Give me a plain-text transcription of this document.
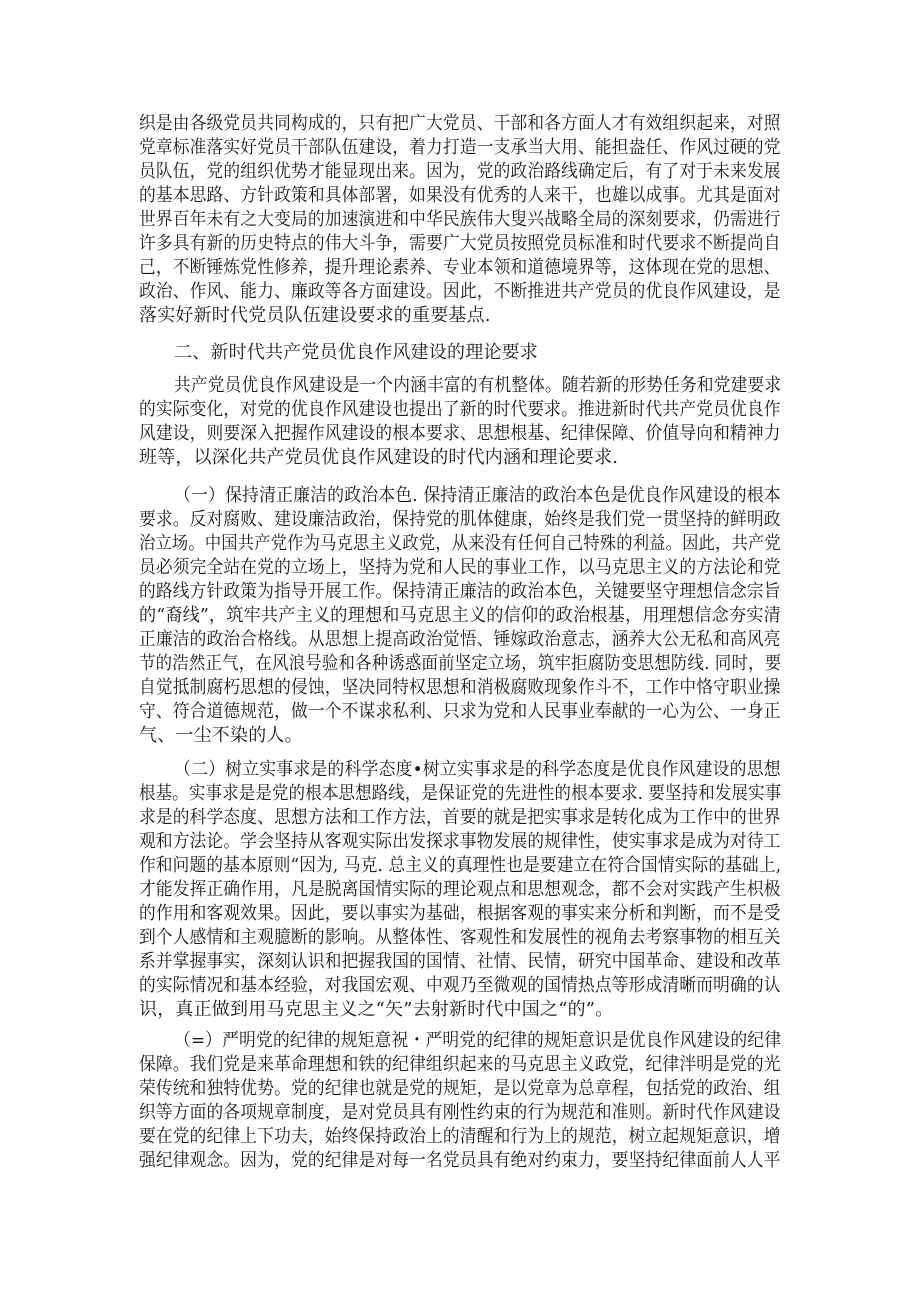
织是由各级党员共同构成的，只有把广大党员、干部和各方面人才有效组织起来，对照
党章标准落实好党员干部队伍建设，着力打造一支承当大用、能担盎任、作风过硬的党
员队伍，党的组织优势才能显现出来。因为，党的政治路线确定后，有了对于未来发展
的基本思路、方针政策和具体部署，如果没有优秀的人来干，也雄以成事。尤其是面对
世界百年未有之大变局的加速演进和中华民族伟大叟兴战略全局的深刻要求，仍需进行
许多具有新的历史特点的伟大斗争，需要广大党员按照党员标准和时代要求不断提尚自
己，不断锤炼党性修养，提升理论素养、专业本领和道德境界等，这体现在党的思想、
政治、作风、能力、廉政等各方面建设。因此，不断推进共产党员的优良作风建设，是
落实好新时代党员队伍建设要求的重要基点.
二、新时代共产党员优良作风建设的理论要求
共产党员优良作风建设是一个内涵丰富的有机整体。随若新的形势任务和党建要求
的实际变化，对党的优良作风建设也提出了新的时代要求。推进新时代共产党员优良作
风建设，则要深入把握作风建设的根本要求、思想根基、纪律保障、价值导向和精神力
班等，以深化共产党员优良作风建设的时代内涵和理论要求.
（一）保持清正廉洁的政治本色. 保持清正廉洁的政治本色是优良作风建设的根本
要求。反对腐败、建设廉洁政治，保持党的肌体健康，始终是我们党一贯坚持的鲜明政
治立场。中国共产党作为马克思主义政党，从来没有任何自己特殊的利益。因此，共产党
员必须完全站在党的立场上，坚持为党和人民的事业工作，以马克思主义的方法论和党
的路线方针政策为指导开展工作。保持清正廉洁的政治本色，关键要坚守理想信念宗旨
的“裔线”，筑牢共产主义的理想和马克思主义的信仰的政治根基，用理想信念夯实清
正廉洁的政治合格线。从思想上提高政治觉悟、锤嫁政治意志，涵养大公无私和高风亮
节的浩然正气，在风浪号验和各种诱惑面前坚定立场，筑牢拒腐防变思想防线. 同时，要
自觉抵制腐朽思想的侵蚀，坚决同特权思想和消极腐败现象作斗不，工作中恪守职业操
守、符合道德规范，做一个不谋求私利、只求为党和人民事业奉献的一心为公、一身正
气、一尘不染的人。
（二）树立实事求是的科学态度•树立实事求是的科学态度是优良作风建设的思想
根基。实事求是是党的根本思想路线，是保证党的先进性的根本要求. 要坚持和发展实事
求是的科学态度、思想方法和工作方法，首要的就是把实事求是转化成为工作中的世界
观和方法论。学会坚持从客观实际出发探求事物发展的规律性，使实事求是成为对待工
作和问题的基本原则“因为, 马克. 总主义的真理性也是要建立在符合国情实际的基础上,
才能发挥正确作用，凡是脱离国情实际的理论观点和思想观念，都不会对实践产生枳极
的作用和客观效果。因此，要以事实为基础，根据客观的事实来分析和判断，而不是受
到个人感情和主观臆断的影响。从整体性、客观性和发展性的视角去考察事物的相互关
系并掌握事实，深刻认识和把握我国的国情、社情、民情，研究中国革命、建设和改革
的实际情况和基本经验，对我国宏观、中观乃至微观的国情热点等形成清晰而明确的认
识，真正做到用马克思主义之“矢”去射新时代中国之“的”。
（=）严明党的纪律的规矩意祝・严明党的纪律的规矩意识是优良作风建设的纪律
保障。我们党是来革命理想和铁的纪律组织起来的马克思主义政党，纪律泮明是党的光
荣传统和独特优势。党的纪律也就是党的规矩，是以党章为总章程，包括党的政治、组
织等方面的各项规章制度，是对党员具有刚性约束的行为规范和准则。新时代作风建设
要在党的纪律上下功夫，始终保持政治上的清醒和行为上的规范，树立起规矩意识，增
强纪律观念。因为，党的纪律是对每一名党员具有绝对约束力，要坚持纪律面前人人平
